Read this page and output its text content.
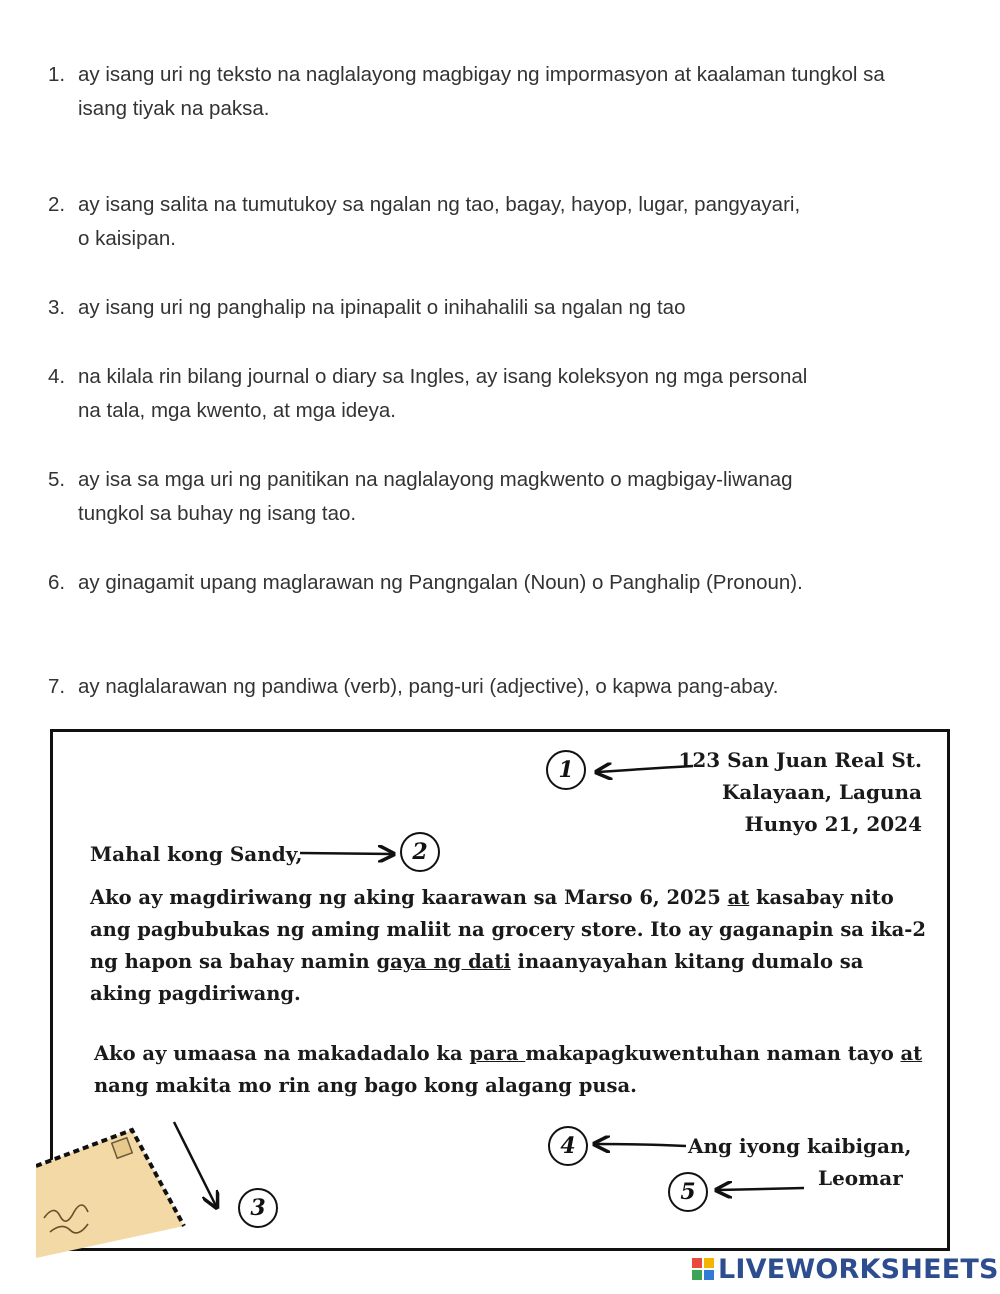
1. ay isang uri ng teksto na naglalayong magbigay ng impormasyon at kaalaman tungkol sa isang tiyak na paksa.
2. ay isang salita na tumutukoy sa ngalan ng tao, bagay, hayop, lugar, pangyayari, o kaisipan.
3. ay isang uri ng panghalip na ipinapalit o inihahalili sa ngalan ng tao
4. na kilala rin bilang journal o diary sa Ingles, ay isang koleksyon ng mga personal na tala, mga kwento, at mga ideya.
5. ay isa sa mga uri ng panitikan na naglalayong magkwento o magbigay-liwanag tungkol sa buhay ng isang tao.
6. ay ginagamit upang maglarawan ng Pangngalan (Noun) o Panghalip (Pronoun).
7. ay naglalarawan ng pandiwa (verb), pang-uri (adjective), o kapwa pang-abay.
123 San Juan Real St.
Kalayaan, Laguna
Hunyo 21, 2024
Mahal kong Sandy,
Ako ay magdiriwang ng aking kaarawan sa Marso 6, 2025 at kasabay nito ang pagbubukas ng aming maliit na grocery store. Ito ay gaganapin sa ika-2 ng hapon sa bahay namin gaya ng dati inaanyayahan kitang dumalo sa aking pagdiriwang.
Ako ay umaasa na makadadalo ka para makapagkuwentuhan naman tayo at nang makita mo rin ang bago kong alagang pusa.
Ang iyong kaibigan,
Leomar
1
2
3
4
5
LIVEWORKSHEETS
